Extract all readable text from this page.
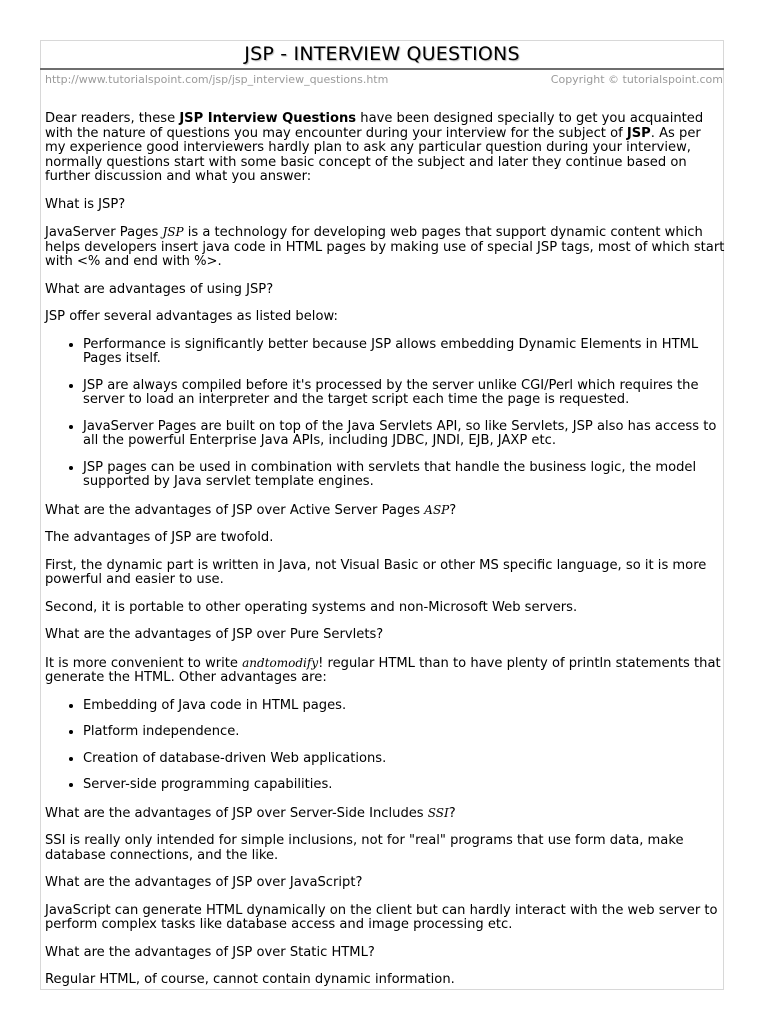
JSP - INTERVIEW QUESTIONS
http://www.tutorialspoint.com/jsp/jsp_interview_questions.htm	Copyright © tutorialspoint.com

Dear readers, these JSP Interview Questions have been designed specially to get you acquainted with the nature of questions you may encounter during your interview for the subject of JSP. As per my experience good interviewers hardly plan to ask any particular question during your interview, normally questions start with some basic concept of the subject and later they continue based on further discussion and what you answer:

What is JSP?

JavaServer Pages JSP is a technology for developing web pages that support dynamic content which helps developers insert java code in HTML pages by making use of special JSP tags, most of which start with <% and end with %>.

What are advantages of using JSP?

JSP offer several advantages as listed below:

• Performance is significantly better because JSP allows embedding Dynamic Elements in HTML Pages itself.
• JSP are always compiled before it's processed by the server unlike CGI/Perl which requires the server to load an interpreter and the target script each time the page is requested.
• JavaServer Pages are built on top of the Java Servlets API, so like Servlets, JSP also has access to all the powerful Enterprise Java APIs, including JDBC, JNDI, EJB, JAXP etc.
• JSP pages can be used in combination with servlets that handle the business logic, the model supported by Java servlet template engines.

What are the advantages of JSP over Active Server Pages ASP?

The advantages of JSP are twofold.

First, the dynamic part is written in Java, not Visual Basic or other MS specific language, so it is more powerful and easier to use.

Second, it is portable to other operating systems and non-Microsoft Web servers.

What are the advantages of JSP over Pure Servlets?

It is more convenient to write andtomodify! regular HTML than to have plenty of println statements that generate the HTML. Other advantages are:

• Embedding of Java code in HTML pages.
• Platform independence.
• Creation of database-driven Web applications.
• Server-side programming capabilities.

What are the advantages of JSP over Server-Side Includes SSI?

SSI is really only intended for simple inclusions, not for "real" programs that use form data, make database connections, and the like.

What are the advantages of JSP over JavaScript?

JavaScript can generate HTML dynamically on the client but can hardly interact with the web server to perform complex tasks like database access and image processing etc.

What are the advantages of JSP over Static HTML?

Regular HTML, of course, cannot contain dynamic information.
